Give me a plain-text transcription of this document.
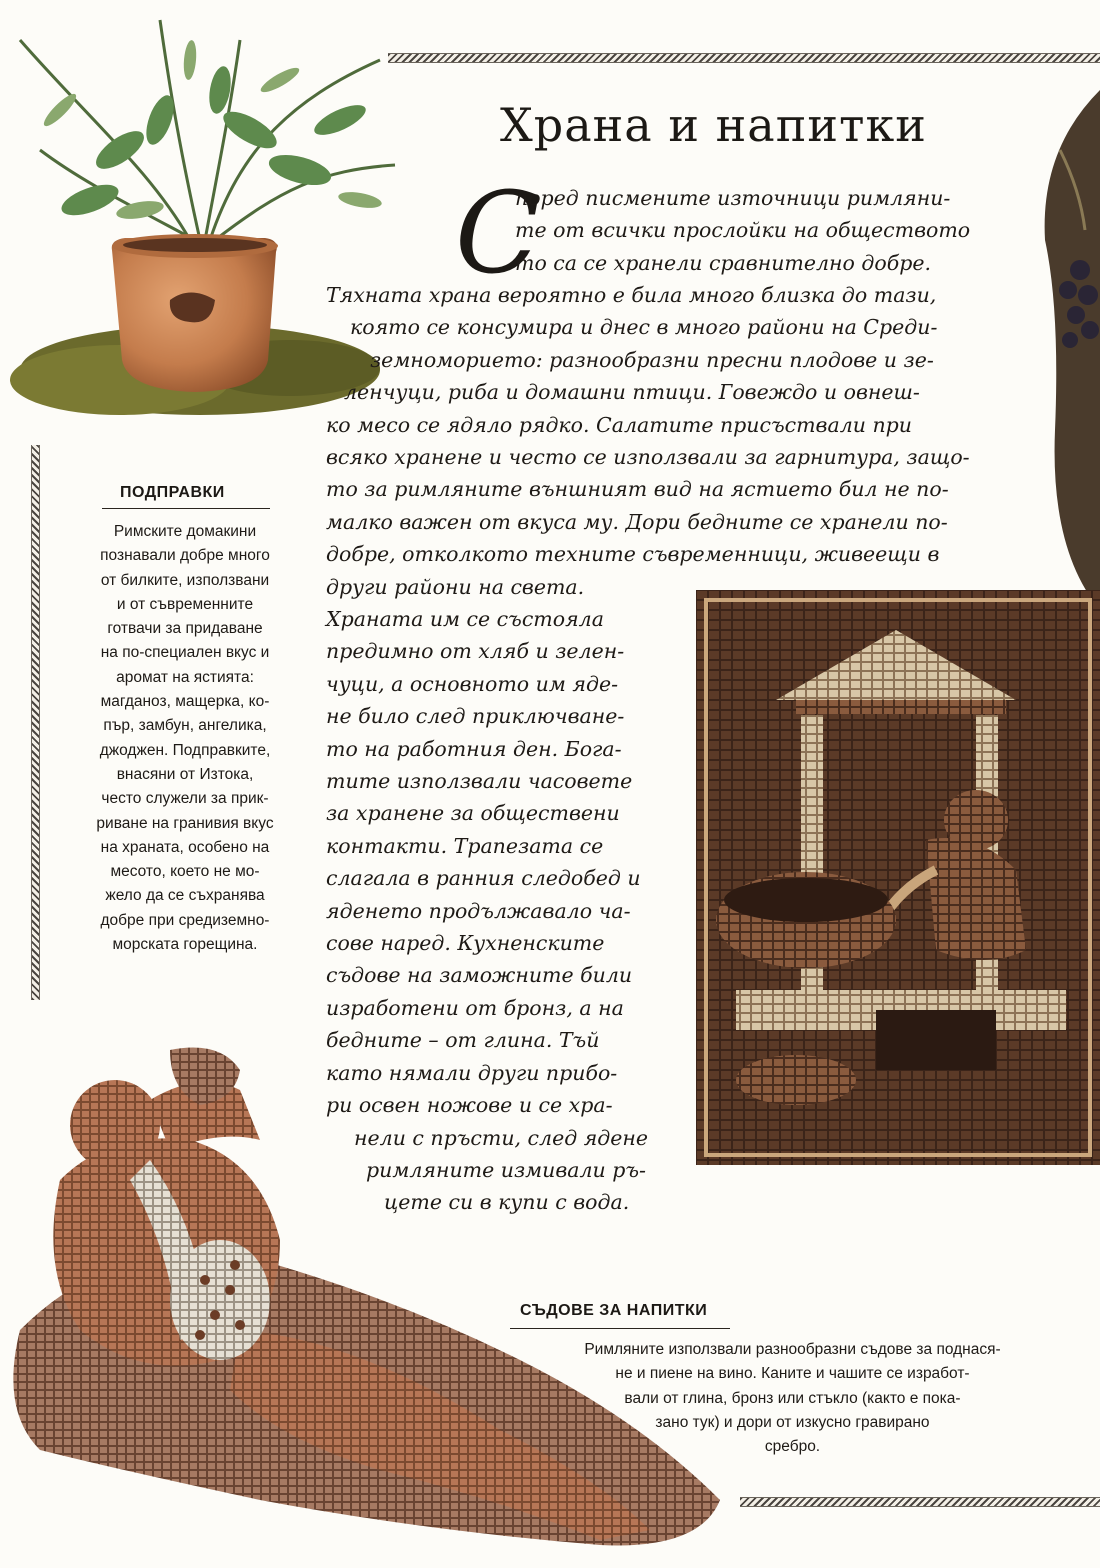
Храна и напитки
С
поред писмените източници римляни-
те от всички прослойки на обществото
то са се хранели сравнително добре.
Тяхната храна вероятно е била много близка до тази,
която се консумира и днес в много райони на Среди-
земноморието: разнообразни пресни плодове и зе-
ленчуци, риба и домашни птици. Говеждо и овнеш-
ко месо се ядяло рядко. Салатите присъствали при
всяко хранене и често се използвали за гарнитура, защо-
то за римляните външният вид на ястието бил не по-
малко важен от вкуса му. Дори бедните се хранели по-
добре, отколкото техните съвременници, живеещи в
други райони на света.
Храната им се състояла
предимно от хляб и зелен-
чуци, а основното им яде-
не било след приключване-
то на работния ден. Бога-
тите използвали часовете
за хранене за обществени
контакти. Трапезата се
слагала в ранния следобед и
яденето продължавало ча-
сове наред. Кухненските
съдове на заможните били
изработени от бронз, а на
бедните – от глина. Тъй
като нямали други прибо-
ри освен ножове и се хра-
нели с пръсти, след ядене
римляните измивали ръ-
цете си в купи с вода.
ПОДПРАВКИ
Римските домакини
познавали добре много
от билките, използвани
и от съвременните
готвачи за придаване
на по-специален вкус и
аромат на ястията:
магданоз, мащерка, ко-
пър, замбун, ангелика,
джоджен. Подправките,
внасяни от Изтока,
често служели за прик-
риване на гранивия вкус
на храната, особено на
месото, което не мо-
жело да се съхранява
добре при средиземно-
морската горещина.
СЪДОВЕ ЗА НАПИТКИ
Римляните използвали разнообразни съдове за поднася-
не и пиене на вино. Каните и чашите се изработ-
вали от глина, бронз или стъкло (както е пока-
зано тук) и дори от изкусно гравирано
сребро.
